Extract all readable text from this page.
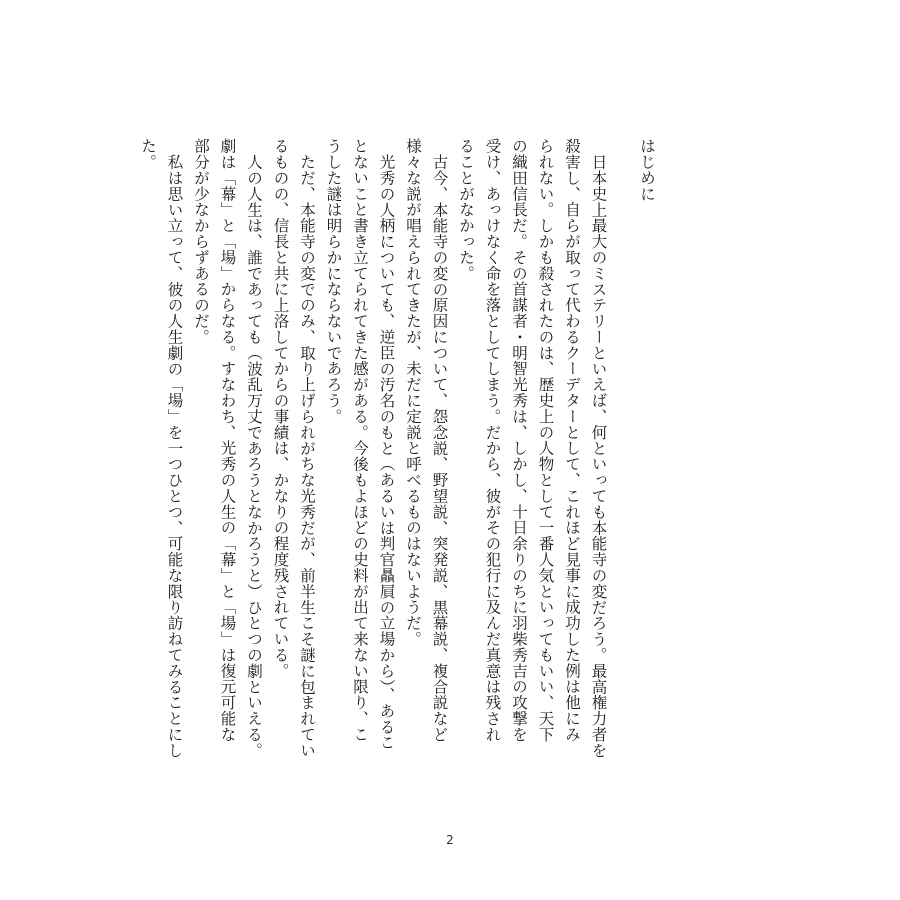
はじめに
日本史上最大のミステリーといえば、何といっても本能寺の変だろう。最高権力者を殺害し、自らが取って代わるクーデターとして、これほど見事に成功した例は他にみられない。しかも殺されたのは、歴史上の人物として一番人気といってもいい、天下の織田信長だ。その首謀者・明智光秀は、しかし、十日余りのちに羽柴秀吉の攻撃を受け、あっけなく命を落としてしまう。だから、彼がその犯行に及んだ真意は残されることがなかった。
古今、本能寺の変の原因について、怨念説、野望説、突発説、黒幕説、複合説など様々な説が唱えられてきたが、未だに定説と呼べるものはないようだ。
光秀の人柄についても、逆臣の汚名のもと（あるいは判官贔屓の立場から）、あることないこと書き立てられてきた感がある。今後もよほどの史料が出て来ない限り、こうした謎は明らかにならないであろう。
ただ、本能寺の変でのみ、取り上げられがちな光秀だが、前半生こそ謎に包まれているものの、信長と共に上洛してからの事績は、かなりの程度残されている。
人の人生は、誰であっても（波乱万丈であろうとなかろうと）ひとつの劇といえる。劇は「幕」と「場」からなる。すなわち、光秀の人生の「幕」と「場」は復元可能な部分が少なからずあるのだ。
私は思い立って、彼の人生劇の「場」を一つひとつ、可能な限り訪ねてみることにした。
2
